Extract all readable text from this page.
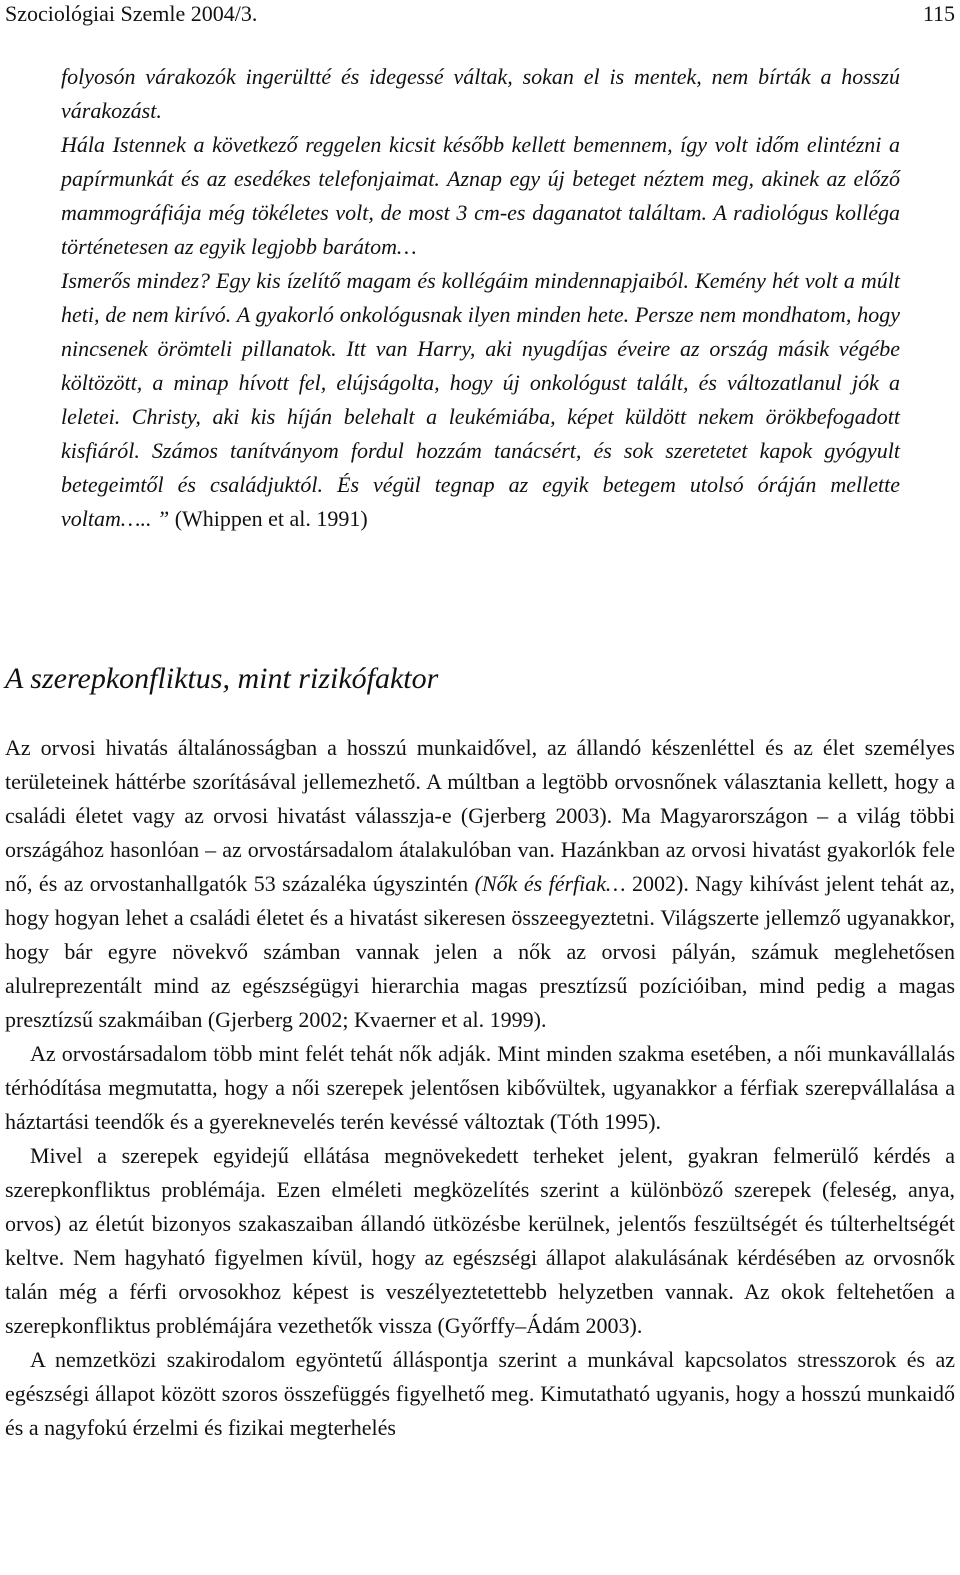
Szociológiai Szemle 2004/3.	115

folyosón várakozók ingerültté és idegessé váltak, sokan el is mentek, nem bírták a hosszú várakozást.

Hála Istennek a következő reggelen kicsit később kellett bemennem, így volt időm elintézni a papírmunkát és az esedékes telefonjaimat. Aznap egy új beteget néztem meg, akinek az előző mammográfiája még tökéletes volt, de most 3 cm-es daganatot találtam. A radiológus kolléga történetesen az egyik legjobb barátom…

Ismerős mindez? Egy kis ízelítő magam és kollégáim mindennapjaiból. Kemény hét volt a múlt heti, de nem kirívó. A gyakorló onkológusnak ilyen minden hete. Persze nem mondhatom, hogy nincsenek örömteli pillanatok. Itt van Harry, aki nyugdíjas éveire az ország másik végébe költözött, a minap hívott fel, elújságolta, hogy új onkológust talált, és változatlanul jók a leletei. Christy, aki kis híján belehalt a leukémiába, képet küldött nekem örökbefogadott kisfiáról. Számos tanítványom fordul hozzám tanácsért, és sok szeretetet kapok gyógyult betegeimtől és családjuktól. És végül tegnap az egyik betegem utolsó óráján mellette voltam….. ” (Whippen et al. 1991)

A szerepkonfliktus, mint rizikófaktor

Az orvosi hivatás általánosságban a hosszú munkaidővel, az állandó készenléttel és az élet személyes területeinek háttérbe szorításával jellemezhető. A múltban a legtöbb orvosnőnek választania kellett, hogy a családi életet vagy az orvosi hivatást válasszja-e (Gjerberg 2003). Ma Magyarországon – a világ többi országához hasonlóan – az orvostársadalom átalakulóban van. Hazánkban az orvosi hivatást gyakorlók fele nő, és az orvostanhallgatók 53 százaléka úgyszintén (Nők és férfiak… 2002). Nagy kihívást jelent tehát az, hogy hogyan lehet a családi életet és a hivatást sikeresen összeegyeztetni. Világszerte jellemző ugyanakkor, hogy bár egyre növekvő számban vannak jelen a nők az orvosi pályán, számuk meglehetősen alulreprezentált mind az egészségügyi hierarchia magas presztízsű pozícióiban, mind pedig a magas presztízsű szakmáiban (Gjerberg 2002; Kvaerner et al. 1999).

Az orvostársadalom több mint felét tehát nők adják. Mint minden szakma esetében, a női munkavállalás térhódítása megmutatta, hogy a női szerepek jelentősen kibővültek, ugyanakkor a férfiak szerepvállalása a háztartási teendők és a gyereknevelés terén kevéssé változtak (Tóth 1995).

Mivel a szerepek egyidejű ellátása megnövekedett terheket jelent, gyakran felmerülő kérdés a szerepkonfliktus problémája. Ezen elméleti megközelítés szerint a különböző szerepek (feleség, anya, orvos) az életút bizonyos szakaszaiban állandó ütközésbe kerülnek, jelentős feszültségét és túlterheltségét keltve. Nem hagyható figyelmen kívül, hogy az egészségi állapot alakulásának kérdésében az orvosnők talán még a férfi orvosokhoz képest is veszélyeztetettebb helyzetben vannak. Az okok feltehetően a szerepkonfliktus problémájára vezethetők vissza (Győrffy–Ádám 2003).

A nemzetközi szakirodalom egyöntetű álláspontja szerint a munkával kapcsolatos stresszorok és az egészségi állapot között szoros összefüggés figyelhető meg. Kimutatható ugyanis, hogy a hosszú munkaidő és a nagyfokú érzelmi és fizikai megterhelés
